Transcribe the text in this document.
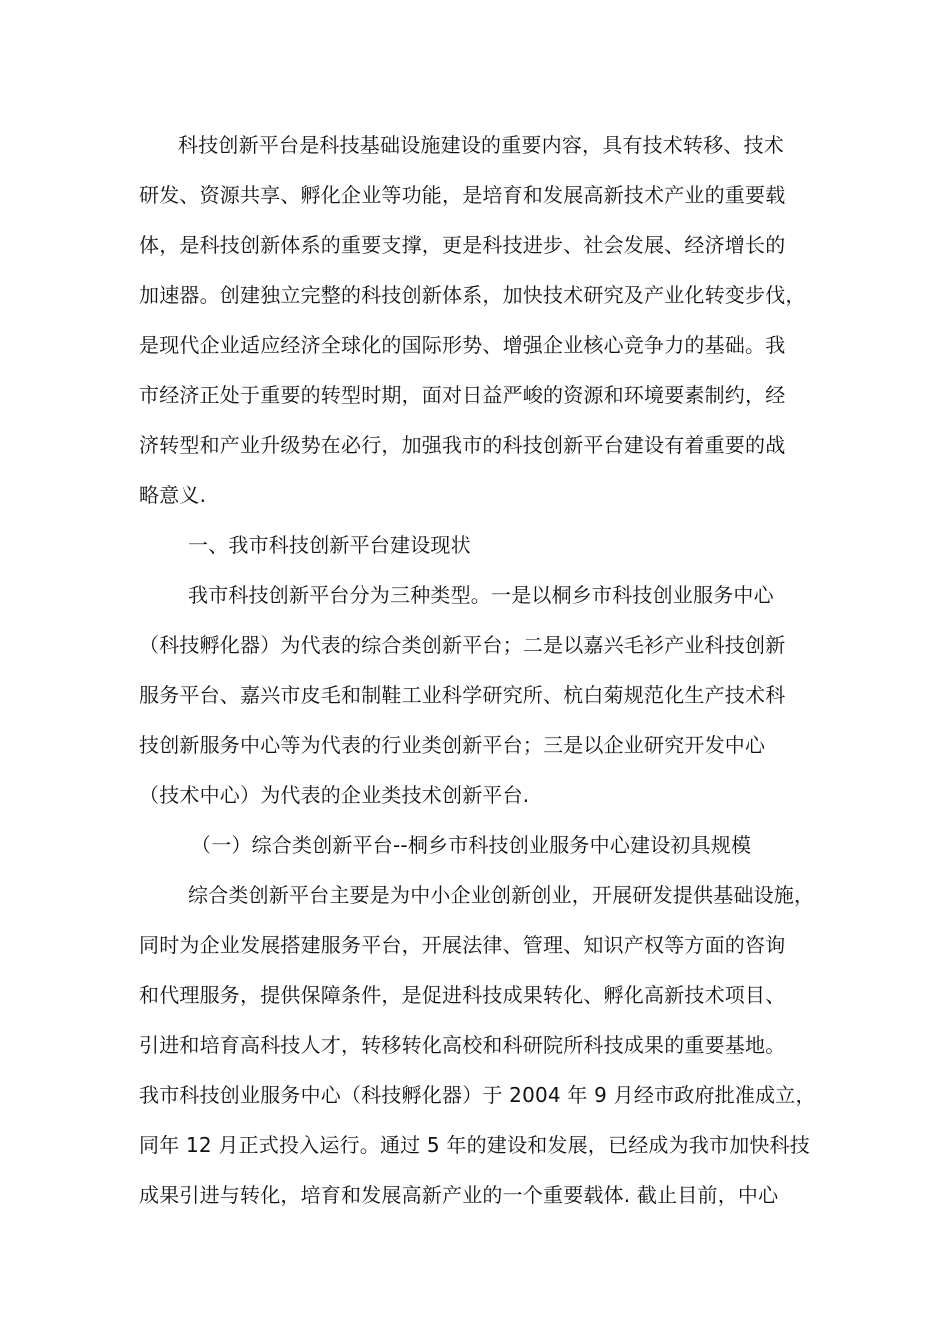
科技创新平台是科技基础设施建设的重要内容，具有技术转移、技术
研发、资源共享、孵化企业等功能，是培育和发展高新技术产业的重要载
体，是科技创新体系的重要支撑，更是科技进步、社会发展、经济增长的
加速器。创建独立完整的科技创新体系，加快技术研究及产业化转变步伐，
是现代企业适应经济全球化的国际形势、增强企业核心竞争力的基础。我
市经济正处于重要的转型时期，面对日益严峻的资源和环境要素制约，经
济转型和产业升级势在必行，加强我市的科技创新平台建设有着重要的战
略意义.
一、我市科技创新平台建设现状
我市科技创新平台分为三种类型。一是以桐乡市科技创业服务中心
（科技孵化器）为代表的综合类创新平台；二是以嘉兴毛衫产业科技创新
服务平台、嘉兴市皮毛和制鞋工业科学研究所、杭白菊规范化生产技术科
技创新服务中心等为代表的行业类创新平台；三是以企业研究开发中心
（技术中心）为代表的企业类技术创新平台.
（一）综合类创新平台--桐乡市科技创业服务中心建设初具规模
综合类创新平台主要是为中小企业创新创业，开展研发提供基础设施，
同时为企业发展搭建服务平台，开展法律、管理、知识产权等方面的咨询
和代理服务，提供保障条件，是促进科技成果转化、孵化高新技术项目、
引进和培育高科技人才，转移转化高校和科研院所科技成果的重要基地。
我市科技创业服务中心（科技孵化器）于 2004 年 9 月经市政府批准成立，
同年 12 月正式投入运行。通过 5 年的建设和发展，已经成为我市加快科技
成果引进与转化，培育和发展高新产业的一个重要载体. 截止目前，中心
